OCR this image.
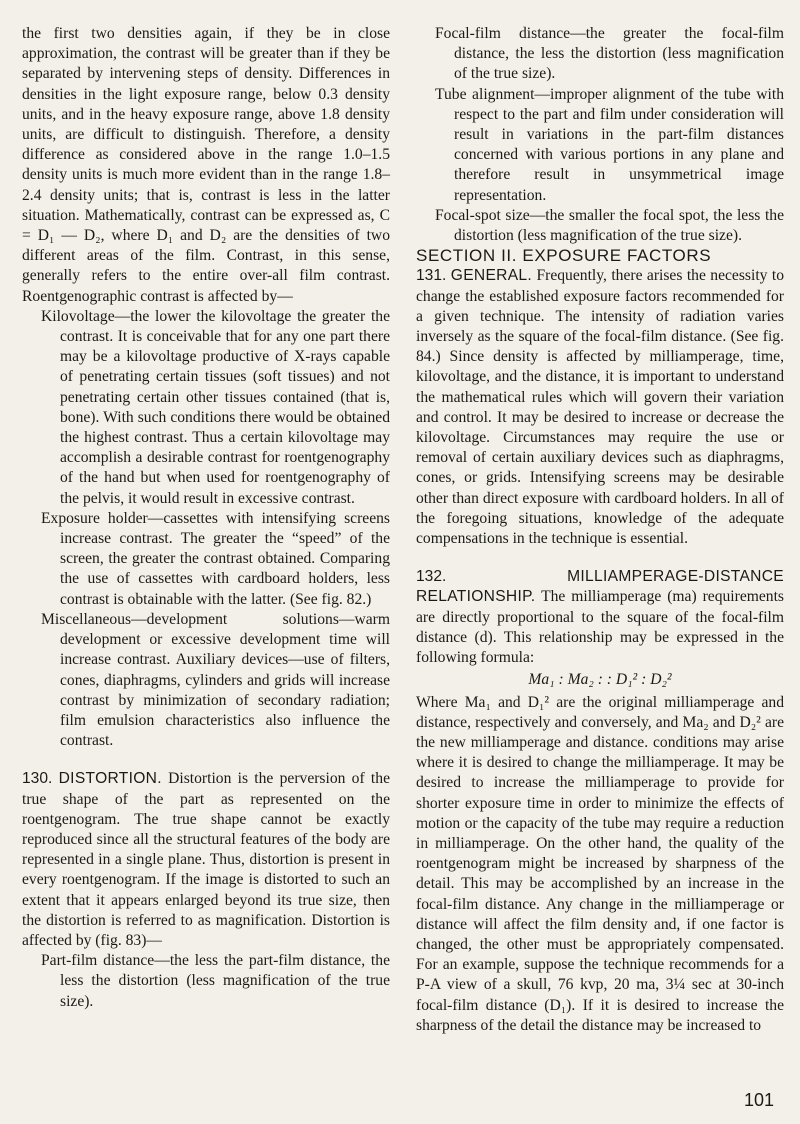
the first two densities again, if they be in close approximation, the contrast will be greater than if they be separated by intervening steps of density. Differences in densities in the light exposure range, below 0.3 density units, and in the heavy exposure range, above 1.8 density units, are difficult to distinguish. Therefore, a density difference as considered above in the range 1.0–1.5 density units is much more evident than in the range 1.8–2.4 density units; that is, contrast is less in the latter situation. Mathematically, contrast can be expressed as, C = D₁ — D₂, where D₁ and D₂ are the densities of two different areas of the film. Contrast, in this sense, generally refers to the entire over-all film contrast. Roentgenographic contrast is affected by—

Kilovoltage—the lower the kilovoltage the greater the contrast. It is conceivable that for any one part there may be a kilovoltage productive of X-rays capable of penetrating certain tissues (soft tissues) and not penetrating certain other tissues contained (that is, bone). With such conditions there would be obtained the highest contrast. Thus a certain kilovoltage may accomplish a desirable contrast for roentgenography of the hand but when used for roentgenography of the pelvis, it would result in excessive contrast.

Exposure holder—cassettes with intensifying screens increase contrast. The greater the “speed” of the screen, the greater the contrast obtained. Comparing the use of cassettes with cardboard holders, less contrast is obtainable with the latter. (See fig. 82.)

Miscellaneous—development solutions—warm development or excessive development time will increase contrast. Auxiliary devices—use of filters, cones, diaphragms, cylinders and grids will increase contrast by minimization of secondary radiation; film emulsion characteristics also influence the contrast.

130. DISTORTION. Distortion is the perversion of the true shape of the part as represented on the roentgenogram. The true shape cannot be exactly reproduced since all the structural features of the body are represented in a single plane. Thus, distortion is present in every roentgenogram. If the image is distorted to such an extent that it appears enlarged beyond its true size, then the distortion is referred to as magnification. Distortion is affected by (fig. 83)—

Part-film distance—the less the part-film distance, the less the distortion (less magnification of the true size).

Focal-film distance—the greater the focal-film distance, the less the distortion (less magnification of the true size).

Tube alignment—improper alignment of the tube with respect to the part and film under consideration will result in variations in the part-film distances concerned with various portions in any plane and therefore result in unsymmetrical image representation.

Focal-spot size—the smaller the focal spot, the less the distortion (less magnification of the true size).

SECTION II. EXPOSURE FACTORS

131. GENERAL. Frequently, there arises the necessity to change the established exposure factors recommended for a given technique. The intensity of radiation varies inversely as the square of the focal-film distance. (See fig. 84.) Since density is affected by milliamperage, time, kilovoltage, and the distance, it is important to understand the mathematical rules which will govern their variation and control. It may be desired to increase or decrease the kilovoltage. Circumstances may require the use or removal of certain auxiliary devices such as diaphragms, cones, or grids. Intensifying screens may be desirable other than direct exposure with cardboard holders. In all of the foregoing situations, knowledge of the adequate compensations in the technique is essential.

132.	MILLIAMPERAGE-DISTANCE RELATIONSHIP. The milliamperage (ma) requirements are directly proportional to the square of the focal-film distance (d). This relationship may be expressed in the following formula:

Ma₁ : Ma₂ : : D₁² : D₂²

Where Ma₁ and D₁² are the original milliamperage and distance, respectively and conversely, and Ma₂ and D₂² are the new milliamperage and distance. conditions may arise where it is desired to change the milliamperage. It may be desired to increase the milliamperage to provide for shorter exposure time in order to minimize the effects of motion or the capacity of the tube may require a reduction in milliamperage. On the other hand, the quality of the roentgenogram might be increased by sharpness of the detail. This may be accomplished by an increase in the focal-film distance. Any change in the milliamperage or distance will affect the film density and, if one factor is changed, the other must be appropriately compensated. For an example, suppose the technique recommends for a P-A view of a skull, 76 kvp, 20 ma, 3¼ sec at 30-inch focal-film distance (D₁). If it is desired to increase the sharpness of the detail the distance may be increased to

101
